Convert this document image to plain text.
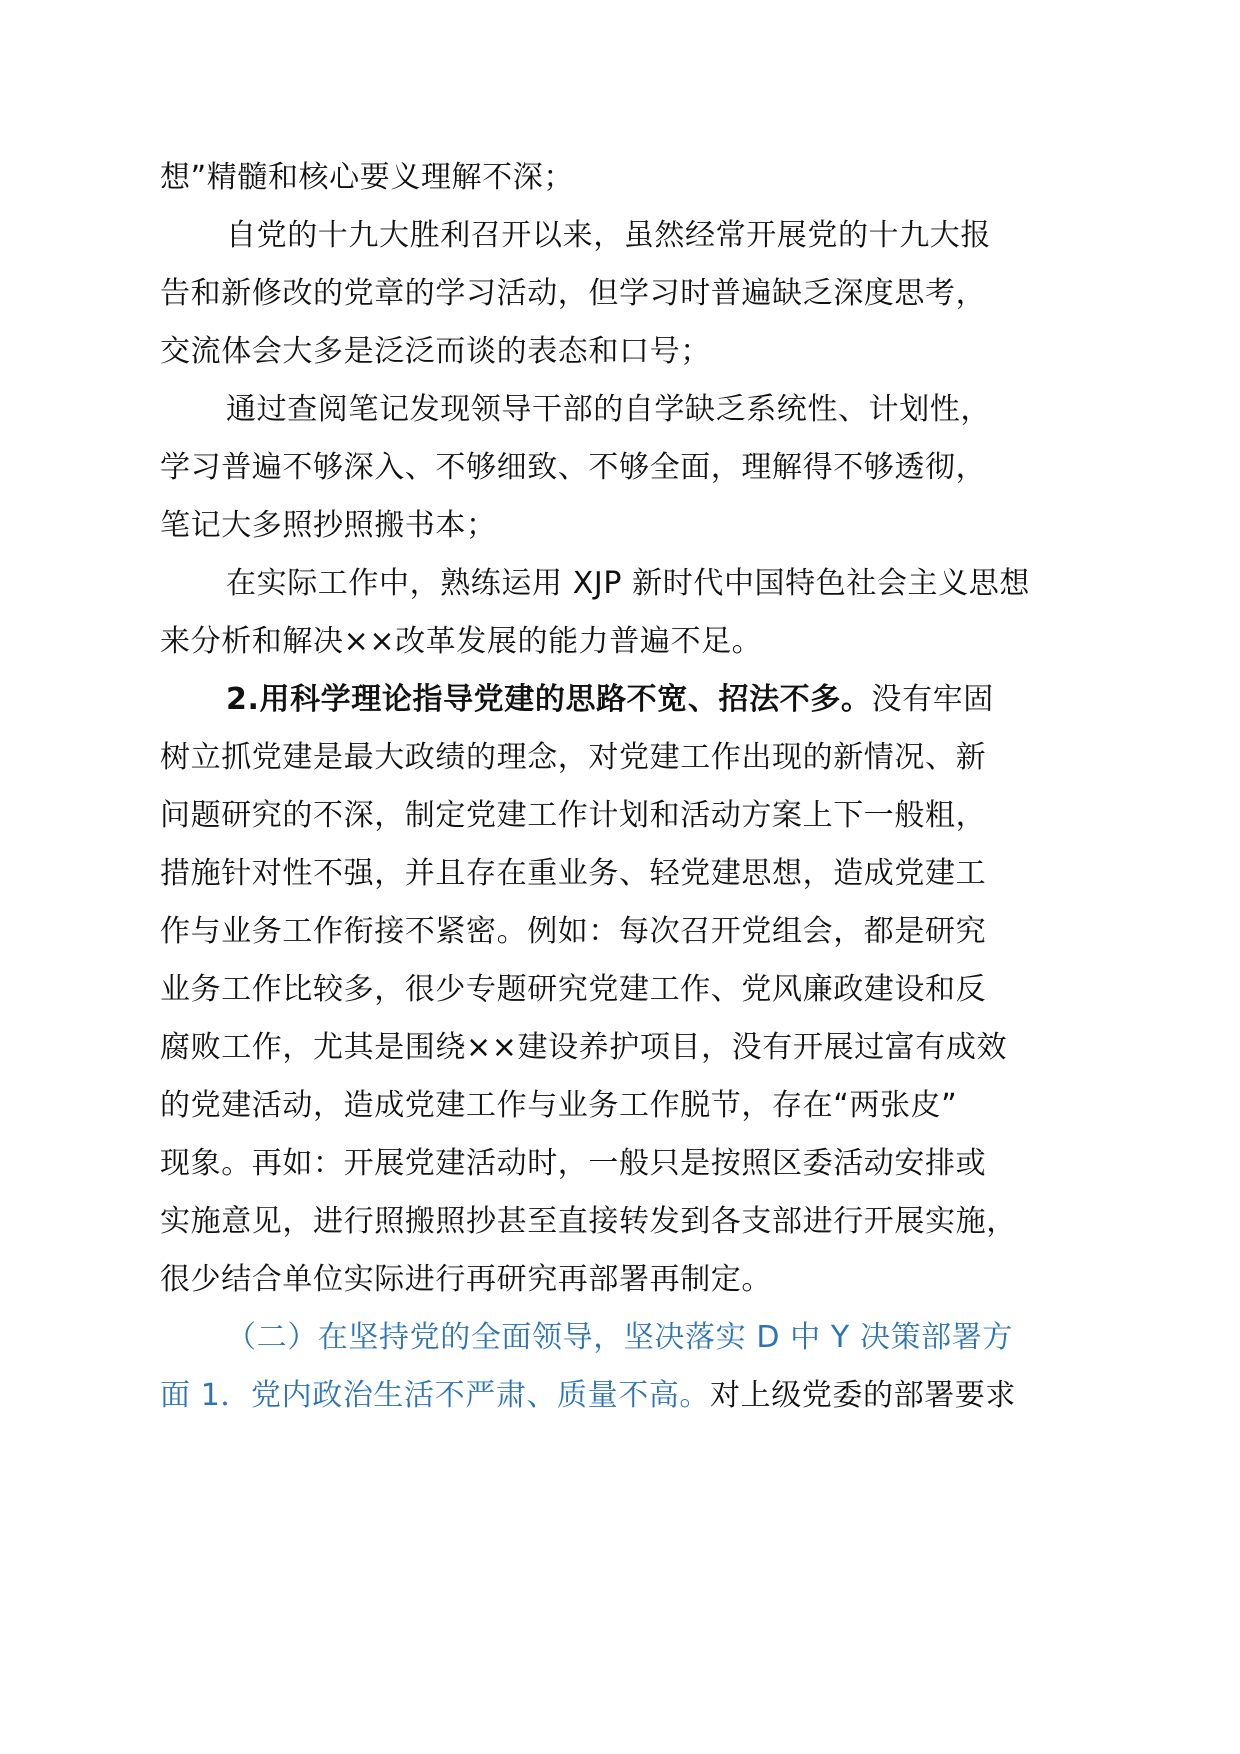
想”精髓和核心要义理解不深；
自党的十九大胜利召开以来，虽然经常开展党的十九大报
告和新修改的党章的学习活动，但学习时普遍缺乏深度思考，
交流体会大多是泛泛而谈的表态和口号；
通过查阅笔记发现领导干部的自学缺乏系统性、计划性，
学习普遍不够深入、不够细致、不够全面，理解得不够透彻，
笔记大多照抄照搬书本；
在实际工作中，熟练运用 XJP 新时代中国特色社会主义思想
来分析和解决××改革发展的能力普遍不足。
2.用科学理论指导党建的思路不宽、招法不多。没有牢固
树立抓党建是最大政绩的理念，对党建工作出现的新情况、新
问题研究的不深，制定党建工作计划和活动方案上下一般粗，
措施针对性不强，并且存在重业务、轻党建思想，造成党建工
作与业务工作衔接不紧密。例如：每次召开党组会，都是研究
业务工作比较多，很少专题研究党建工作、党风廉政建设和反
腐败工作，尤其是围绕××建设养护项目，没有开展过富有成效
的党建活动，造成党建工作与业务工作脱节，存在“两张皮”
现象。再如：开展党建活动时，一般只是按照区委活动安排或
实施意见，进行照搬照抄甚至直接转发到各支部进行开展实施，
很少结合单位实际进行再研究再部署再制定。
（二）在坚持党的全面领导，坚决落实 D 中 Y 决策部署方
面 1．党内政治生活不严肃、质量不高。对上级党委的部署要求
